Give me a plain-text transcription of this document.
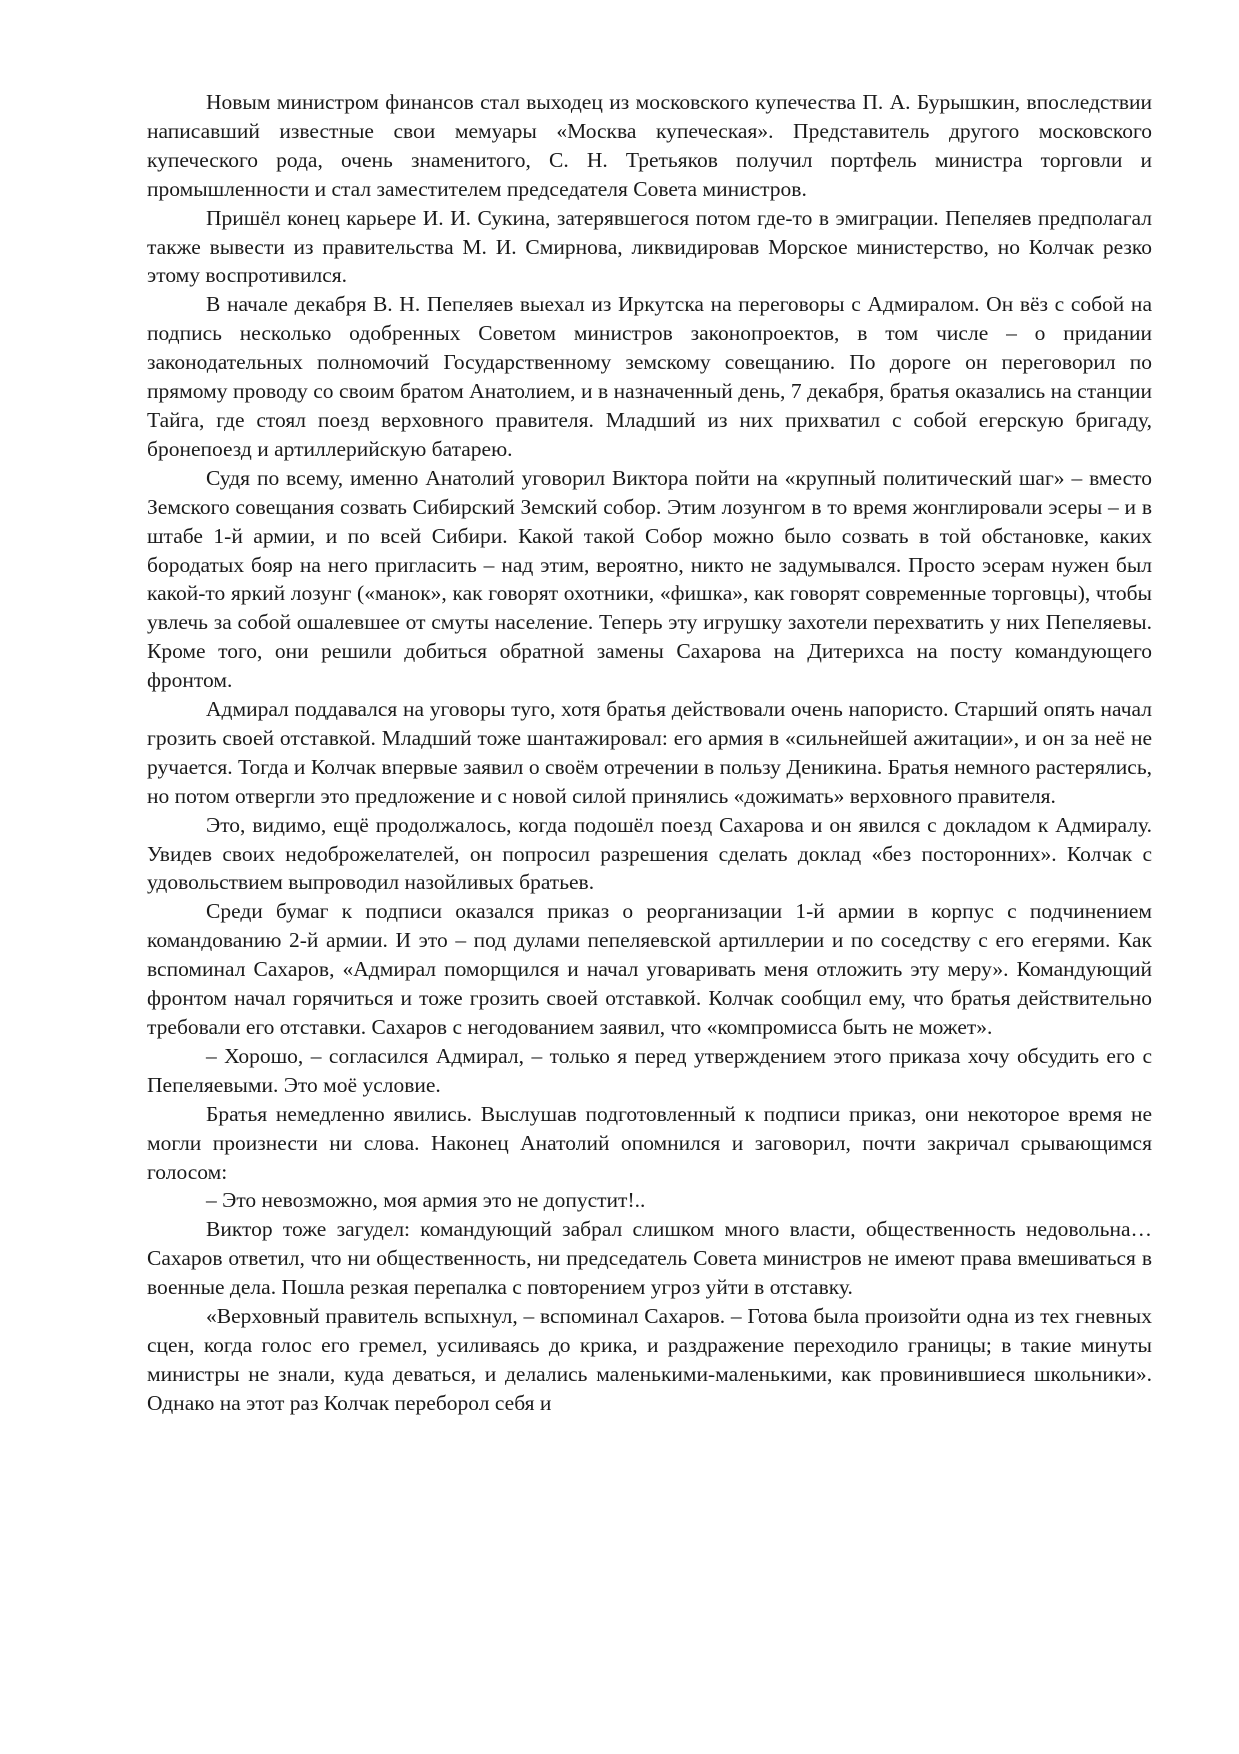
Новым министром финансов стал выходец из московского купечества П. А. Бурышкин, впоследствии написавший известные свои мемуары «Москва купеческая». Представитель другого московского купеческого рода, очень знаменитого, С. Н. Третьяков получил портфель министра торговли и промышленности и стал заместителем председателя Совета министров.

Пришёл конец карьере И. И. Сукина, затерявшегося потом где-то в эмиграции. Пепеляев предполагал также вывести из правительства М. И. Смирнова, ликвидировав Морское министерство, но Колчак резко этому воспротивился.

В начале декабря В. Н. Пепеляев выехал из Иркутска на переговоры с Адмиралом. Он вёз с собой на подпись несколько одобренных Советом министров законопроектов, в том числе – о придании законодательных полномочий Государственному земскому совещанию. По дороге он переговорил по прямому проводу со своим братом Анатолием, и в назначенный день, 7 декабря, братья оказались на станции Тайга, где стоял поезд верховного правителя. Младший из них прихватил с собой егерскую бригаду, бронепоезд и артиллерийскую батарею.

Судя по всему, именно Анатолий уговорил Виктора пойти на «крупный политический шаг» – вместо Земского совещания созвать Сибирский Земский собор. Этим лозунгом в то время жонглировали эсеры – и в штабе 1-й армии, и по всей Сибири. Какой такой Собор можно было созвать в той обстановке, каких бородатых бояр на него пригласить – над этим, вероятно, никто не задумывался. Просто эсерам нужен был какой-то яркий лозунг («манок», как говорят охотники, «фишка», как говорят современные торговцы), чтобы увлечь за собой ошалевшее от смуты население. Теперь эту игрушку захотели перехватить у них Пепеляевы. Кроме того, они решили добиться обратной замены Сахарова на Дитерихса на посту командующего фронтом.

Адмирал поддавался на уговоры туго, хотя братья действовали очень напористо. Старший опять начал грозить своей отставкой. Младший тоже шантажировал: его армия в «сильнейшей ажитации», и он за неё не ручается. Тогда и Колчак впервые заявил о своём отречении в пользу Деникина. Братья немного растерялись, но потом отвергли это предложение и с новой силой принялись «дожимать» верховного правителя.

Это, видимо, ещё продолжалось, когда подошёл поезд Сахарова и он явился с докладом к Адмиралу. Увидев своих недоброжелателей, он попросил разрешения сделать доклад «без посторонних». Колчак с удовольствием выпроводил назойливых братьев.

Среди бумаг к подписи оказался приказ о реорганизации 1-й армии в корпус с подчинением командованию 2-й армии. И это – под дулами пепеляевской артиллерии и по соседству с его егерями. Как вспоминал Сахаров, «Адмирал поморщился и начал уговаривать меня отложить эту меру». Командующий фронтом начал горячиться и тоже грозить своей отставкой. Колчак сообщил ему, что братья действительно требовали его отставки. Сахаров с негодованием заявил, что «компромисса быть не может».

– Хорошо, – согласился Адмирал, – только я перед утверждением этого приказа хочу обсудить его с Пепеляевыми. Это моё условие.

Братья немедленно явились. Выслушав подготовленный к подписи приказ, они некоторое время не могли произнести ни слова. Наконец Анатолий опомнился и заговорил, почти закричал срывающимся голосом:

– Это невозможно, моя армия это не допустит!..

Виктор тоже загудел: командующий забрал слишком много власти, общественность недовольна… Сахаров ответил, что ни общественность, ни председатель Совета министров не имеют права вмешиваться в военные дела. Пошла резкая перепалка с повторением угроз уйти в отставку.

«Верховный правитель вспыхнул, – вспоминал Сахаров. – Готова была произойти одна из тех гневных сцен, когда голос его гремел, усиливаясь до крика, и раздражение переходило границы; в такие минуты министры не знали, куда деваться, и делались маленькими-маленькими, как провинившиеся школьники». Однако на этот раз Колчак переборол себя и
